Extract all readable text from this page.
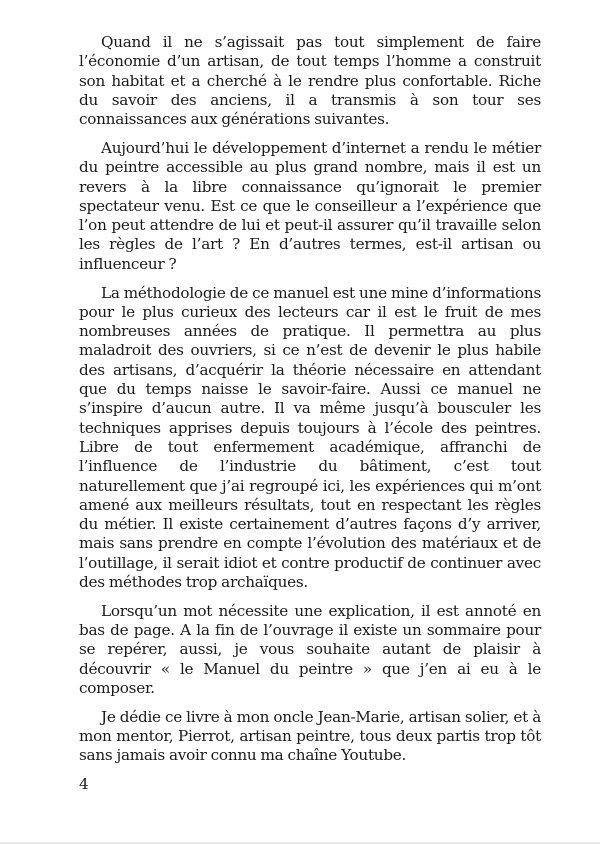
Quand il ne s’agissait pas tout simplement de faire l’économie d’un artisan, de tout temps l’homme a construit son habitat et a cherché à le rendre plus confortable. Riche du savoir des anciens, il a transmis à son tour ses connaissances aux générations suivantes.

Aujourd’hui le développement d’internet a rendu le métier du peintre accessible au plus grand nombre, mais il est un revers à la libre connaissance qu’ignorait le premier spectateur venu. Est ce que le conseilleur a l’expérience que l’on peut attendre de lui et peut-il assurer qu’il travaille selon les règles de l’art ? En d’autres termes, est-il artisan ou influenceur ?

La méthodologie de ce manuel est une mine d’informations pour le plus curieux des lecteurs car il est le fruit de mes nombreuses années de pratique. Il permettra au plus maladroit des ouvriers, si ce n’est de devenir le plus habile des artisans, d’acquérir la théorie nécessaire en attendant que du temps naisse le savoir-faire. Aussi ce manuel ne s’inspire d’aucun autre. Il va même jusqu’à bousculer les techniques apprises depuis toujours à l’école des peintres. Libre de tout enfermement académique, affranchi de l’influence de l’industrie du bâtiment, c’est tout naturellement que j’ai regroupé ici, les expériences qui m’ont amené aux meilleurs résultats, tout en respectant les règles du métier. Il existe certainement d’autres façons d’y arriver, mais sans prendre en compte l’évolution des matériaux et de l’outillage, il serait idiot et contre productif de continuer avec des méthodes trop archaïques.

Lorsqu’un mot nécessite une explication, il est annoté en bas de page. A la fin de l’ouvrage il existe un sommaire pour se repérer, aussi, je vous souhaite autant de plaisir à découvrir « le Manuel du peintre » que j’en ai eu à le composer.

Je dédie ce livre à mon oncle Jean-Marie, artisan solier, et à mon mentor, Pierrot, artisan peintre, tous deux partis trop tôt sans jamais avoir connu ma chaîne Youtube.

4
